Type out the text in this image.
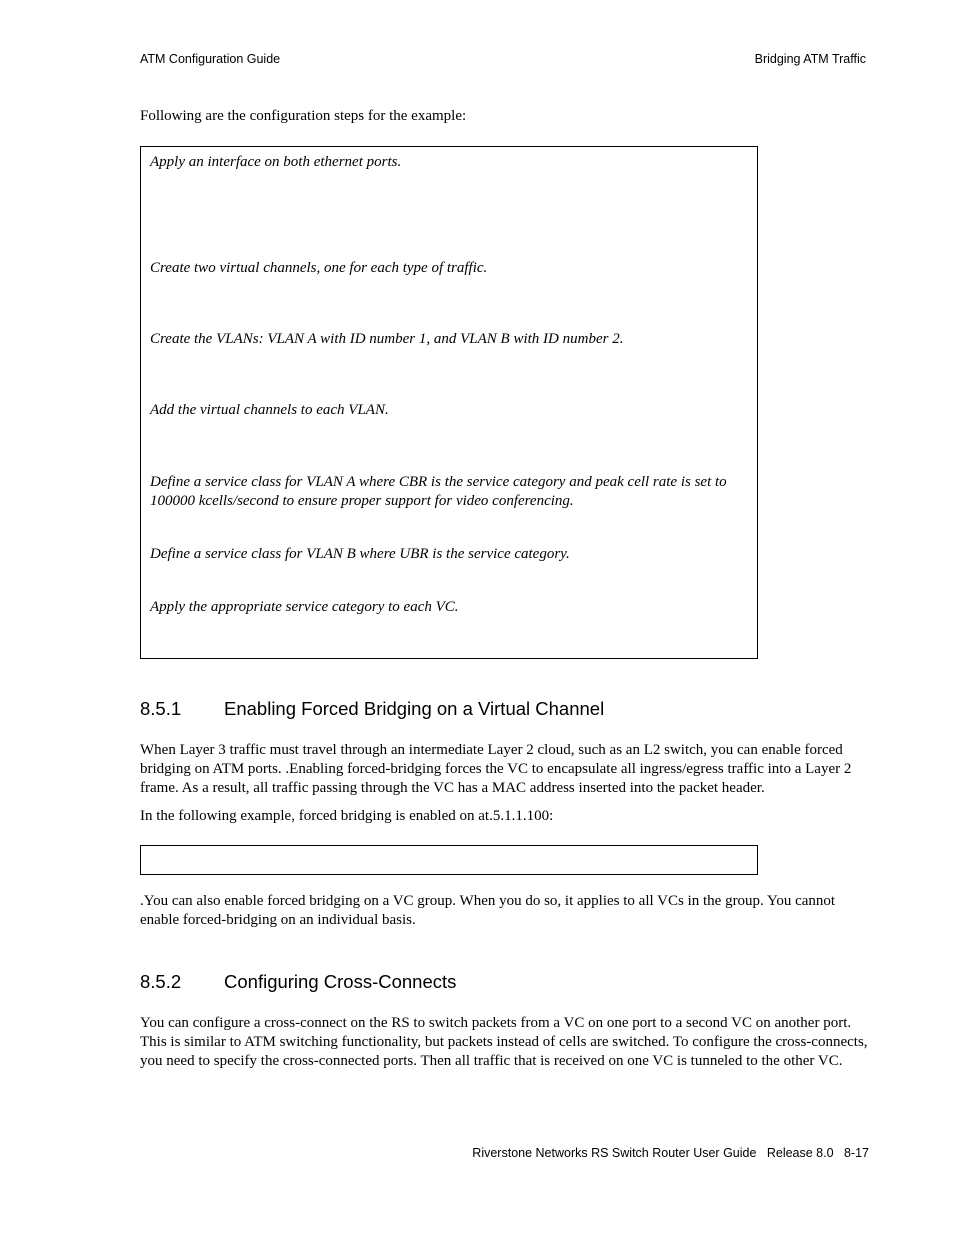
ATM Configuration Guide	Bridging ATM Traffic
Following are the configuration steps for the example:
Apply an interface on both ethernet ports.
Create two virtual channels, one for each type of traffic.
Create the VLANs: VLAN A with ID number 1, and VLAN B with ID number 2.
Add the virtual channels to each VLAN.
Define a service class for VLAN A where CBR is the service category and peak cell rate is set to 100000 kcells/second to ensure proper support for video conferencing.
Define a service class for VLAN B where UBR is the service category.
Apply the appropriate service category to each VC.
8.5.1 Enabling Forced Bridging on a Virtual Channel
When Layer 3 traffic must travel through an intermediate Layer 2 cloud, such as an L2 switch, you can enable forced bridging on ATM ports. .Enabling forced-bridging forces the VC to encapsulate all ingress/egress traffic into a Layer 2 frame. As a result, all traffic passing through the VC has a MAC address inserted into the packet header.
In the following example, forced bridging is enabled on at.5.1.1.100:
.You can also enable forced bridging on a VC group. When you do so, it applies to all VCs in the group. You cannot enable forced-bridging on an individual basis.
8.5.2 Configuring Cross-Connects
You can configure a cross-connect on the RS to switch packets from a VC on one port to a second VC on another port. This is similar to ATM switching functionality, but packets instead of cells are switched. To configure the cross-connects, you need to specify the cross-connected ports. Then all traffic that is received on one VC is tunneled to the other VC.
Riverstone Networks RS Switch Router User Guide   Release 8.0   8-17
